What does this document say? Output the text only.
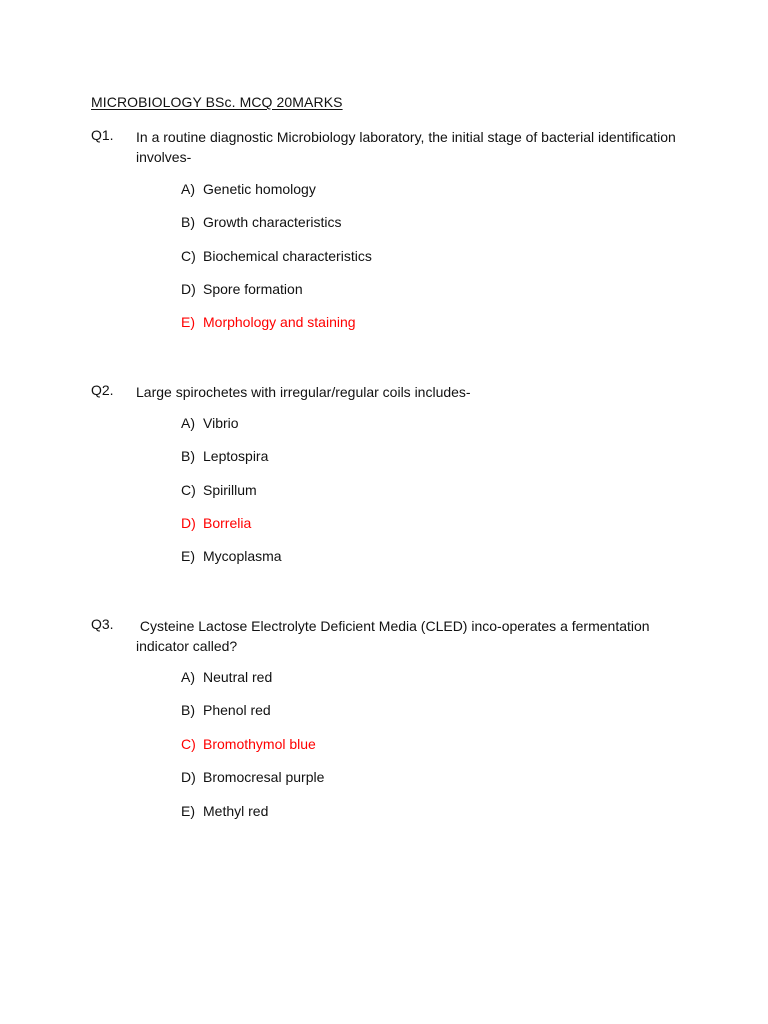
MICROBIOLOGY BSc. MCQ 20MARKS
Q1. In a routine diagnostic Microbiology laboratory, the initial stage of bacterial identification involves-
A) Genetic homology
B) Growth characteristics
C) Biochemical characteristics
D) Spore formation
E) Morphology and staining
Q2. Large spirochetes with irregular/regular coils includes-
A) Vibrio
B) Leptospira
C) Spirillum
D) Borrelia
E) Mycoplasma
Q3. Cysteine Lactose Electrolyte Deficient Media (CLED) inco-operates a fermentation indicator called?
A) Neutral red
B) Phenol red
C) Bromothymol blue
D) Bromocresal purple
E) Methyl red
